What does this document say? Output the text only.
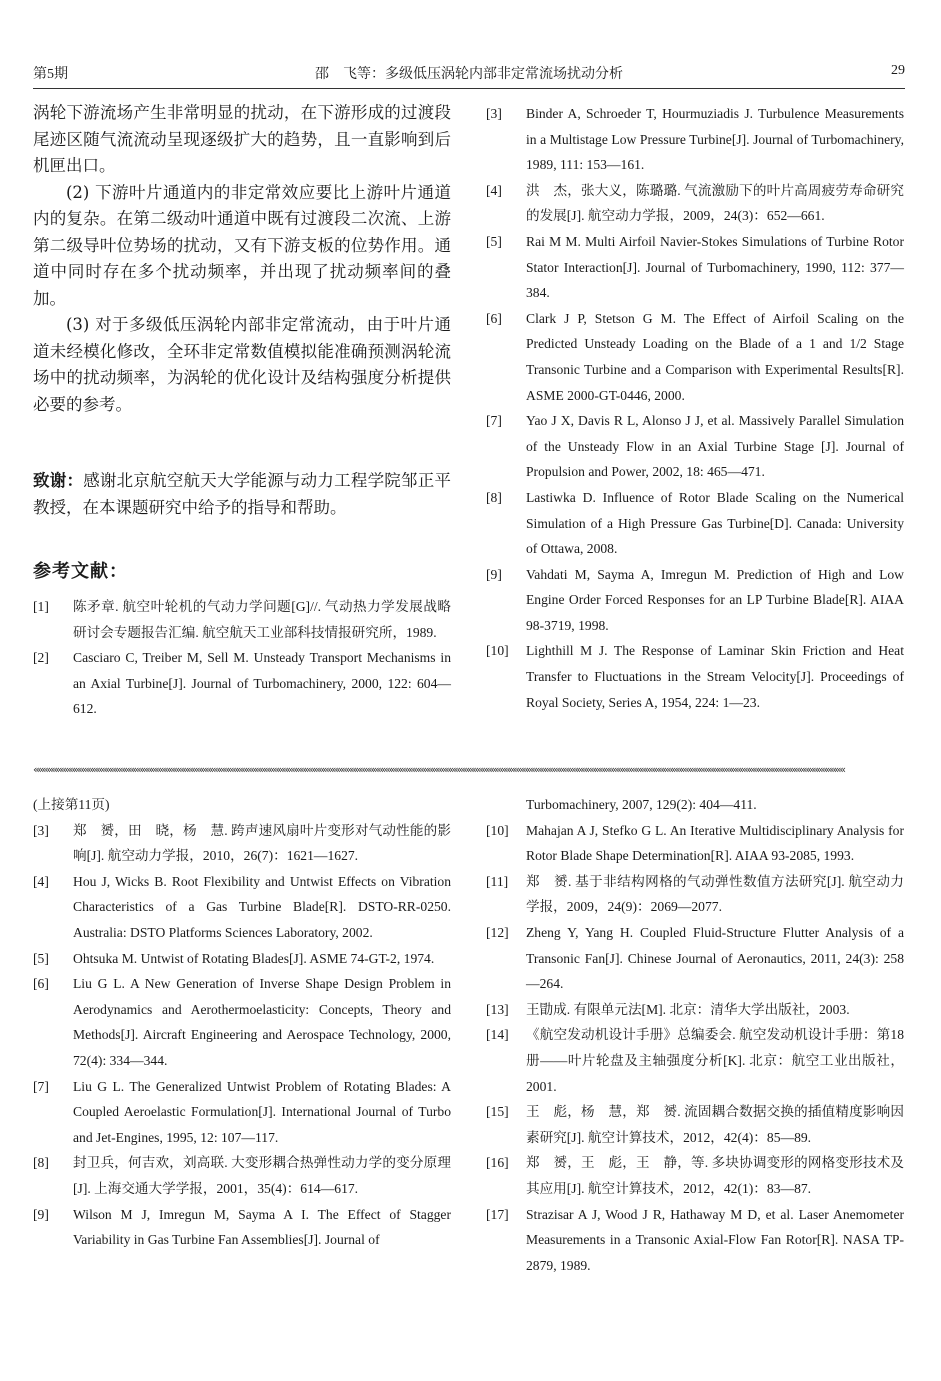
第5期	邵　飞等：多级低压涡轮内部非定常流场扰动分析	29

涡轮下游流场产生非常明显的扰动，在下游形成的过渡段尾迹区随气流流动呈现逐级扩大的趋势，且一直影响到后机匣出口。

(2) 下游叶片通道内的非定常效应要比上游叶片通道内的复杂。在第二级动叶通道中既有过渡段二次流、上游第二级导叶位势场的扰动，又有下游支板的位势作用。通道中同时存在多个扰动频率，并出现了扰动频率间的叠加。

(3) 对于多级低压涡轮内部非定常流动，由于叶片通道未经模化修改，全环非定常数值模拟能准确预测涡轮流场中的扰动频率，为涡轮的优化设计及结构强度分析提供必要的参考。

致谢：感谢北京航空航天大学能源与动力工程学院邹正平教授，在本课题研究中给予的指导和帮助。

参考文献：

[1] 陈矛章. 航空叶轮机的气动力学问题[G]//. 气动热力学发展战略研讨会专题报告汇编. 航空航天工业部科技情报研究所，1989.
[2] Casciaro C, Treiber M, Sell M. Unsteady Transport Mechanisms in an Axial Turbine[J]. Journal of Turbomachinery, 2000, 122: 604—612.
[3] Binder A, Schroeder T, Hourmuziadis J. Turbulence Measurements in a Multistage Low Pressure Turbine[J]. Journal of Turbomachinery, 1989, 111: 153—161.
[4] 洪　杰，张大义，陈璐璐. 气流激励下的叶片高周疲劳寿命研究的发展[J]. 航空动力学报，2009，24(3)：652—661.
[5] Rai M M. Multi Airfoil Navier-Stokes Simulations of Turbine Rotor Stator Interaction[J]. Journal of Turbomachinery, 1990, 112: 377—384.
[6] Clark J P, Stetson G M. The Effect of Airfoil Scaling on the Predicted Unsteady Loading on the Blade of a 1 and 1/2 Stage Transonic Turbine and a Comparison with Experimental Results[R]. ASME 2000-GT-0446, 2000.
[7] Yao J X, Davis R L, Alonso J J, et al. Massively Parallel Simulation of the Unsteady Flow in an Axial Turbine Stage [J]. Journal of Propulsion and Power, 2002, 18: 465—471.
[8] Lastiwka D. Influence of Rotor Blade Scaling on the Numerical Simulation of a High Pressure Gas Turbine[D]. Canada: University of Ottawa, 2008.
[9] Vahdati M, Sayma A, Imregun M. Prediction of High and Low Engine Order Forced Responses for an LP Turbine Blade[R]. AIAA 98-3719, 1998.
[10] Lighthill M J. The Response of Laminar Skin Friction and Heat Transfer to Fluctuations in the Stream Velocity[J]. Proceedings of Royal Society, Series A, 1954, 224: 1—23.
«««««««««««««««««««««««««««««««««««««««««««««««««««««««««««««««««««««««««««««««««««««««««««««««««««««««««««««««««««««««««««««««««««««««««««««««««««««««««««««««««««««««««««««««««««

(上接第11页)

[3] 郑　赟，田　晓，杨　慧. 跨声速风扇叶片变形对气动性能的影响[J]. 航空动力学报，2010，26(7)：1621—1627.
[4] Hou J, Wicks B. Root Flexibility and Untwist Effects on Vibration Characteristics of a Gas Turbine Blade[R]. DSTO-RR-0250. Australia: DSTO Platforms Sciences Laboratory, 2002.
[5] Ohtsuka M. Untwist of Rotating Blades[J]. ASME 74-GT-2, 1974.
[6] Liu G L. A New Generation of Inverse Shape Design Problem in Aerodynamics and Aerothermoelasticity: Concepts, Theory and Methods[J]. Aircraft Engineering and Aerospace Technology, 2000, 72(4): 334—344.
[7] Liu G L. The Generalized Untwist Problem of Rotating Blades: A Coupled Aeroelastic Formulation[J]. International Journal of Turbo and Jet-Engines, 1995, 12: 107—117.
[8] 封卫兵，何吉欢，刘高联. 大变形耦合热弹性动力学的变分原理[J]. 上海交通大学学报，2001，35(4)：614—617.
[9] Wilson M J, Imregun M, Sayma A I. The Effect of Stagger Variability in Gas Turbine Fan Assemblies[J]. Journal of
Turbomachinery, 2007, 129(2): 404—411.
[10] Mahajan A J, Stefko G L. An Iterative Multidisciplinary Analysis for Rotor Blade Shape Determination[R]. AIAA 93-2085, 1993.
[11] 郑　赟. 基于非结构网格的气动弹性数值方法研究[J]. 航空动力学报，2009，24(9)：2069—2077.
[12] Zheng Y, Yang H. Coupled Fluid-Structure Flutter Analysis of a Transonic Fan[J]. Chinese Journal of Aeronautics, 2011, 24(3): 258—264.
[13] 王勖成. 有限单元法[M]. 北京：清华大学出版社，2003.
[14] 《航空发动机设计手册》总编委会. 航空发动机设计手册：第18册——叶片轮盘及主轴强度分析[K]. 北京：航空工业出版社，2001.
[15] 王　彪，杨　慧，郑　赟. 流固耦合数据交换的插值精度影响因素研究[J]. 航空计算技术，2012，42(4)：85—89.
[16] 郑　赟，王　彪，王　静，等. 多块协调变形的网格变形技术及其应用[J]. 航空计算技术，2012，42(1)：83—87.
[17] Strazisar A J, Wood J R, Hathaway M D, et al. Laser Anemometer Measurements in a Transonic Axial-Flow Fan Rotor[R]. NASA TP-2879, 1989.
